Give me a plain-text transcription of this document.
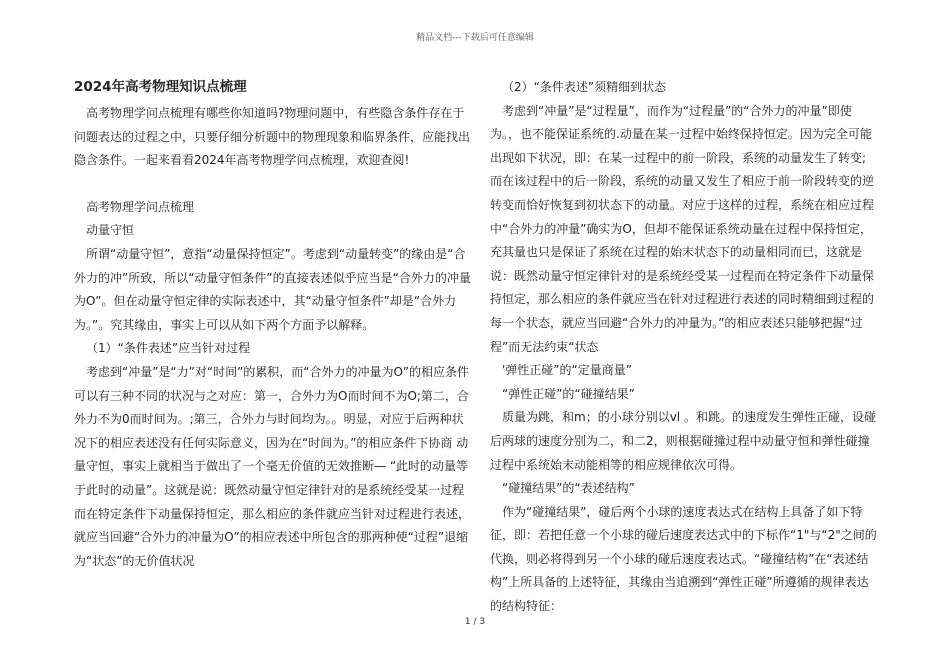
精品文档---下载后可任意编辑

2024年高考物理知识点梳理

高考物理学问点梳理有哪些你知道吗?物理问题中，有些隐含条件存在于问题表达的过程之中，只要仔细分析题中的物理现象和临界条件，应能找出隐含条件。一起来看看2024年高考物理学问点梳理，欢迎查阅!

高考物理学问点梳理

动量守恒

所谓“动量守恒”，意指“动量保持恒定”。考虑到“动量转变”的缘由是“合外力的冲”所致，所以“动量守恒条件”的直接表述似乎应当是“合外力的冲量为O”。但在动量守恒定律的实际表述中，其“动量守恒条件”却是“合外力为。”。究其缘由，事实上可以从如下两个方面予以解释。

（1）“条件表述”应当针对过程

考虑到“冲量”是“力”对“时间”的累积，而“合外力的冲量为O”的相应条件可以有三种不同的状况与之对应：第一，合外力为O而时间不为O;第二，合外力不为0而时间为。;第三，合外力与时间均为。。明显，对应于后两种状况下的相应表述没有任何实际意义，因为在“时间为。”的相应条件下协商 动量守恒，事实上就相当于做出了一个毫无价值的无效推断— “此时的动量等于此时的动量”。这就是说：既然动量守恒定律针对的是系统经受某一过程而在特定条件下动量保持恒定，那么相应的条件就应当针对过程进行表述，就应当回避“合外力的冲量为O”的相应表述中所包含的那两种使“过程”退缩为“状态”的无价值状况

（2）“条件表述”须精细到状态

考虑到“冲量”是“过程量”，而作为“过程量”的“合外力的冲量”即使为。，也不能保证系统的.动量在某一过程中始终保持恒定。因为完全可能出现如下状况，即：在某一过程中的前一阶段，系统的动量发生了转变;而在该过程中的后一阶段，系统的动量又发生了相应于前一阶段转变的逆转变而恰好恢复到初状态下的动量。对应于这样的过程，系统在相应过程中“合外力的冲量”确实为O，但却不能保证系统动量在过程中保持恒定，充其量也只是保证了系统在过程的始末状态下的动量相同而已，这就是说：既然动量守恒定律针对的是系统经受某一过程而在特定条件下动量保持恒定，那么相应的条件就应当在针对过程进行表述的同时精细到过程的每一个状态，就应当回避“合外力的冲量为。”的相应表述只能够把握“过程”而无法约束“状态

'弹性正碰”的“定量商量”

“弹性正碰”的“碰撞结果”

质量为跳，和m；的小球分别以vl 。和跳。的速度发生弹性正碰，设碰后两球的速度分别为二，和二2，则根据碰撞过程中动量守恒和弹性碰撞过程中系统始末动能相等的相应规律依次可得。

“碰撞结果”的“表述结构”

作为“碰撞结果”，碰后两个小球的速度表达式在结构上具备了如下特征，即：若把任意一个小球的碰后速度表达式中的下标作“1"与“2"之间的代换，则必将得到另一个小球的碰后速度表达式。“碰撞结构”在“表述结构”上所具备的上述特征，其缘由当追溯到“弹性正碰”所遵循的规律表达的结构特征：

1 / 3
